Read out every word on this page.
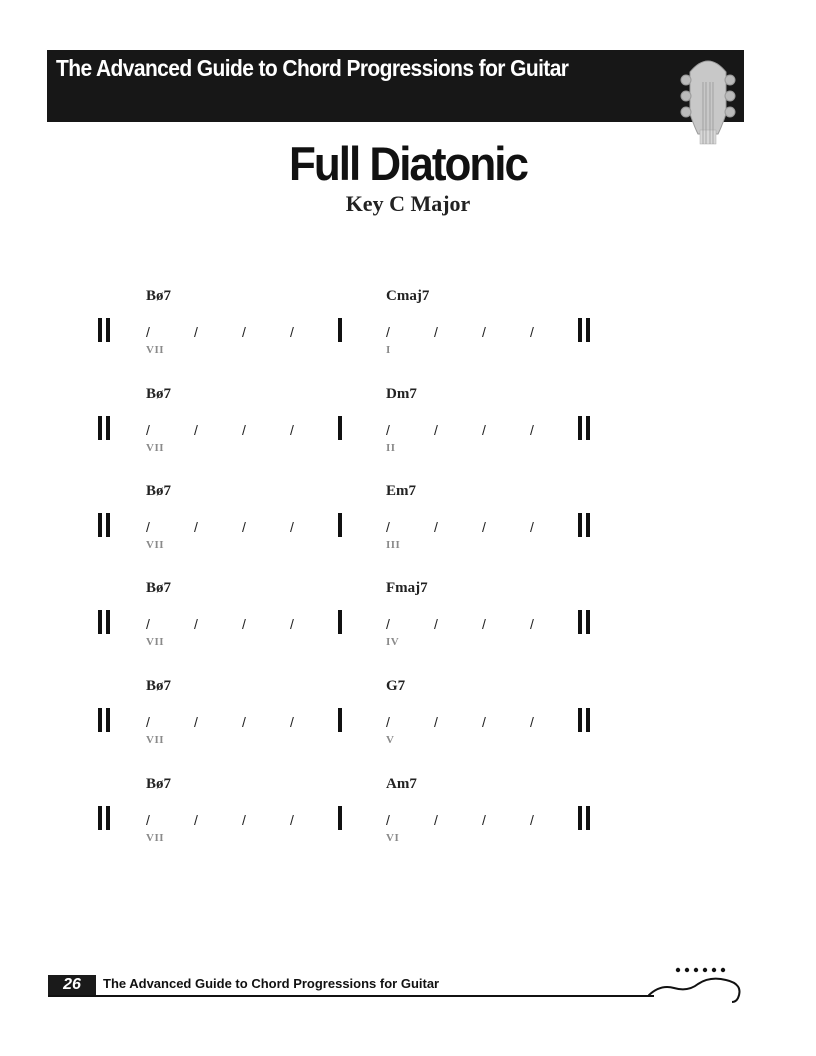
The Advanced Guide to Chord Progressions for Guitar
Full Diatonic
Key C Major
Bø7	Cmaj7
/	/	/	/	/	/	/	/
VII	I
Bø7	Dm7
/	/	/	/	/	/	/	/
VII	II
Bø7	Em7
/	/	/	/	/	/	/	/
VII	III
Bø7	Fmaj7
/	/	/	/	/	/	/	/
VII	IV
Bø7	G7
/	/	/	/	/	/	/	/
VII	V
Bø7	Am7
/	/	/	/	/	/	/	/
VII	VI
26	The Advanced Guide to Chord Progressions for Guitar
